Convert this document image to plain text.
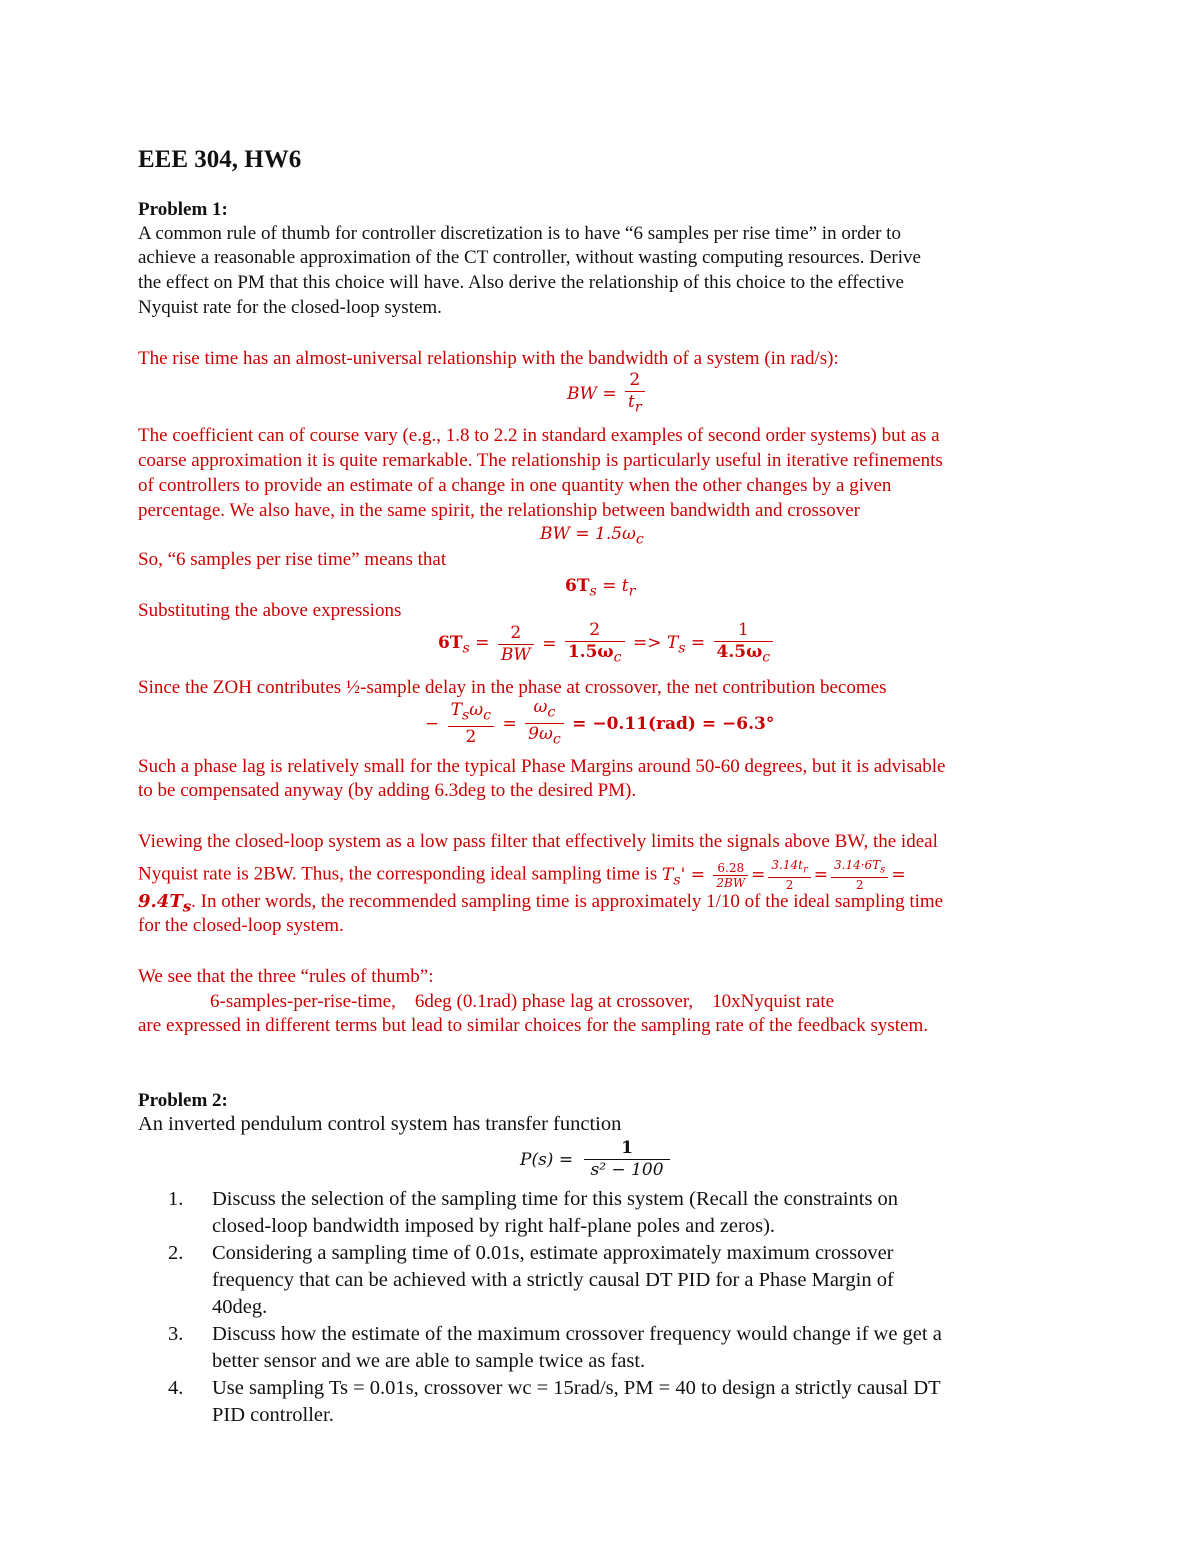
EEE 304, HW6
Problem 1:
A common rule of thumb for controller discretization is to have “6 samples per rise time” in order to
achieve a reasonable approximation of the CT controller, without wasting computing resources. Derive
the effect on PM that this choice will have. Also derive the relationship of this choice to the effective
Nyquist rate for the closed-loop system.
The rise time has an almost-universal relationship with the bandwidth of a system (in rad/s):
BW = $\frac{2}{t_r}$
The coefficient can of course vary (e.g., 1.8 to 2.2 in standard examples of second order systems) but as a
coarse approximation it is quite remarkable. The relationship is particularly useful in iterative refinements
of controllers to provide an estimate of a change in one quantity when the other changes by a given
percentage. We also have, in the same spirit, the relationship between bandwidth and crossover
BW = $1.5\omega_c$
So, “6 samples per rise time” means that
$6T_s = t_r$
Substituting the above expressions
$6T_s = \frac{2}{BW} = \frac{2}{1.5\omega_c} => T_s = \frac{1}{4.5\omega_c}$
Since the ZOH contributes ½-sample delay in the phase at crossover, the net contribution becomes
− $\frac{T_s\omega_c}{2} = \frac{\omega_c}{9\omega_c} = -0.11(rad) = -6.3^\circ$
Such a phase lag is relatively small for the typical Phase Margins around 50-60 degrees, but it is advisable
to be compensated anyway (by adding 6.3deg to the desired PM).
Viewing the closed-loop system as a low pass filter that effectively limits the signals above BW, the ideal
Nyquist rate is 2BW. Thus, the corresponding ideal sampling time is $T_s' = \frac{6.28}{2BW} = \frac{3.14t_r}{2} = \frac{3.14\cdot 6T_s}{2}$ =
$9.4T_s$. In other words, the recommended sampling time is approximately 1/10 of the ideal sampling time
for the closed-loop system.
We see that the three “rules of thumb”:
6-samples-per-rise-time,    6deg (0.1rad) phase lag at crossover,    10xNyquist rate
are expressed in different terms but lead to similar choices for the sampling rate of the feedback system.
Problem 2:
An inverted pendulum control system has transfer function
$P(s) = \frac{1}{\text{s² − 100}}$
1. Discuss the selection of the sampling time for this system (Recall the constraints on
closed-loop bandwidth imposed by right half-plane poles and zeros).
2. Considering a sampling time of 0.01s, estimate approximately maximum crossover
frequency that can be achieved with a strictly causal DT PID for a Phase Margin of
40deg.
3. Discuss how the estimate of the maximum crossover frequency would change if we get a
better sensor and we are able to sample twice as fast.
4. Use sampling Ts = 0.01s, crossover wc = 15rad/s, PM = 40 to design a strictly causal DT
PID controller.
